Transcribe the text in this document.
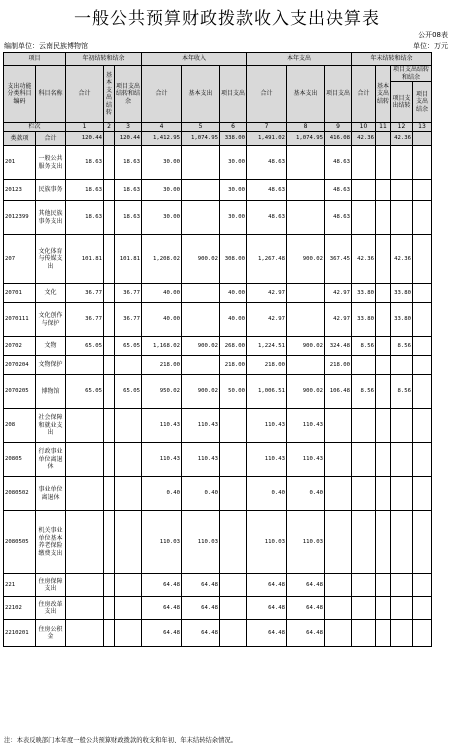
一般公共预算财政拨款收入支出决算表
公开08表
编制单位：云南民族博物馆	单位：万元
项目		年初结转和结余			本年收入			本年支出			年末结转和结余			
支出功能分类科目编码	科目名称	合计	基本支出结转	项目支出结转和结余	合计	基本支出	项目支出	合计	基本支出	项目支出	合计	基本支出结转	项目支出结转和结余	
													项目支出结转	项目支出结余

栏次		1	2	3	4	5	6	7	8	9	10	11	12	13
类款项	合计	120.44		120.44	1,412.95	1,074.95	338.00	1,491.02	1,074.95	416.08	42.36		42.36	
201	一般公共服务支出	18.63		18.63	30.00		30.00	48.63		48.63				
20123	民族事务	18.63		18.63	30.00		30.00	48.63		48.63				
2012399	其他民族事务支出	18.63		18.63	30.00		30.00	48.63		48.63				
207	文化体育与传媒支出	101.81		101.81	1,208.02	900.02	308.00	1,267.48	900.02	367.45	42.36		42.36	
20701	文化	36.77		36.77	40.00		40.00	42.97		42.97	33.80		33.80	
2070111	文化创作与保护	36.77		36.77	40.00		40.00	42.97		42.97	33.80		33.80	
20702	文物	65.05		65.05	1,168.02	900.02	268.00	1,224.51	900.02	324.48	8.56		8.56	
2070204	文物保护				218.00		218.00	218.00		218.00				
2070205	博物馆	65.05		65.05	950.02	900.02	50.00	1,006.51	900.02	106.48	8.56		8.56	
208	社会保障和就业支出				110.43	110.43		110.43	110.43					
20805	行政事业单位离退休				110.43	110.43		110.43	110.43					
2080502	事业单位离退休				0.40	0.40		0.40	0.40					
2080505	机关事业单位基本养老保险缴费支出				110.03	110.03		110.03	110.03					
221	住房保障支出				64.48	64.48		64.48	64.48					
22102	住房改革支出				64.48	64.48		64.48	64.48					
2210201	住房公积金				64.48	64.48		64.48	64.48					
注：本表反映部门本年度一般公共预算财政拨款的收支和年初、年末结转结余情况。
